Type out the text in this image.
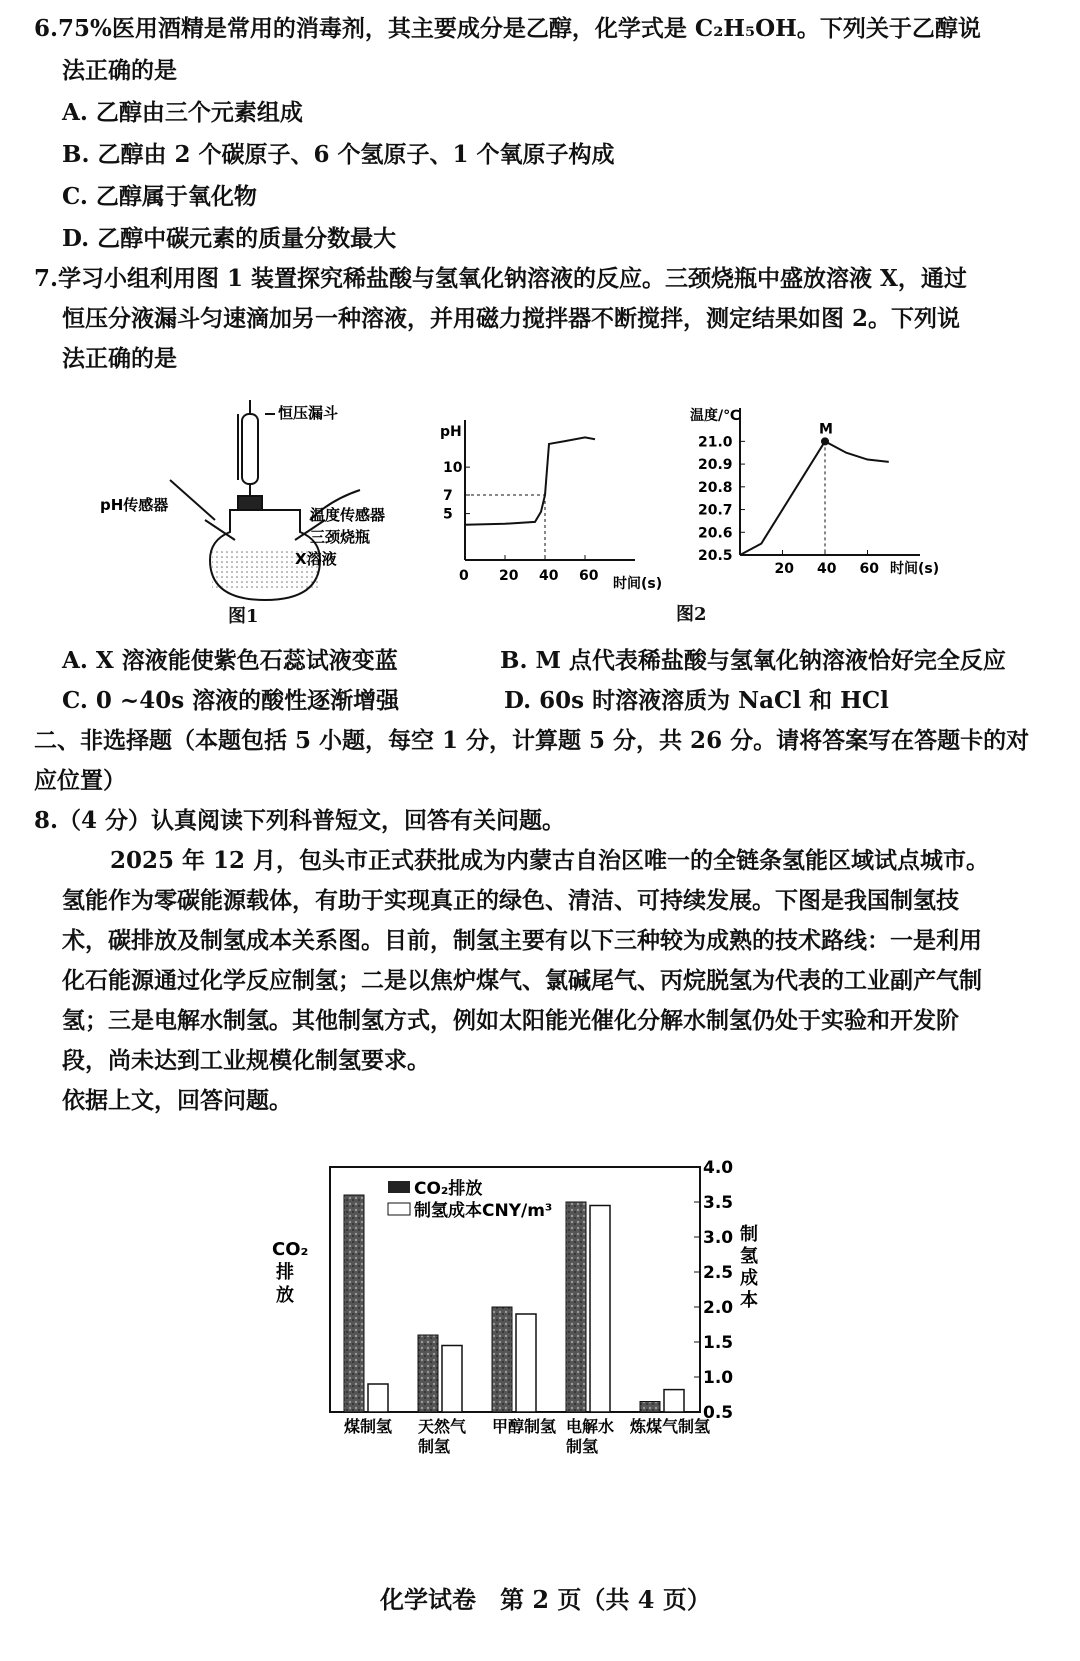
6.75%医用酒精是常用的消毒剂，其主要成分是乙醇，化学式是 C₂H₅OH。下列关于乙醇说
法正确的是
A. 乙醇由三个元素组成
B. 乙醇由 2 个碳原子、6 个氢原子、1 个氧原子构成
C. 乙醇属于氧化物
D. 乙醇中碳元素的质量分数最大
7.学习小组利用图 1 装置探究稀盐酸与氢氧化钠溶液的反应。三颈烧瓶中盛放溶液 X，通过
恒压分液漏斗匀速滴加另一种溶液，并用磁力搅拌器不断搅拌，测定结果如图 2。下列说
法正确的是
恒压漏斗
pH传感器
温度传感器
三颈烧瓶
X溶液
图1
pH
时间(s)
0 20 40 60
5
7
10
温度/℃
时间(s)
20 40 60
20.5
20.6
20.7
20.8
20.9
21.0
M
图2
A. X 溶液能使紫色石蕊试液变蓝	B. M 点代表稀盐酸与氢氧化钠溶液恰好完全反应
C. 0 ~40s 溶液的酸性逐渐增强	D. 60s 时溶液溶质为 NaCl 和 HCl
二、非选择题（本题包括 5 小题，每空 1 分，计算题 5 分，共 26 分。请将答案写在答题卡的对
应位置）
8.（4 分）认真阅读下列科普短文，回答有关问题。
2025 年 12 月，包头市正式获批成为内蒙古自治区唯一的全链条氢能区域试点城市。
氢能作为零碳能源载体，有助于实现真正的绿色、清洁、可持续发展。下图是我国制氢技
术，碳排放及制氢成本关系图。目前，制氢主要有以下三种较为成熟的技术路线：一是利用
化石能源通过化学反应制氢；二是以焦炉煤气、氯碱尾气、丙烷脱氢为代表的工业副产气制
氢；三是电解水制氢。其他制氢方式，例如太阳能光催化分解水制氢仍处于实验和开发阶
段，尚未达到工业规模化制氢要求。
依据上文，回答问题。
0.5
1.0
1.5
2.0
2.5
3.0
3.5
4.0
煤制氢 天然气
制氢
甲醇制氢 电解水
制氢
炼煤气制氢
CO₂排放
制氢成本CNY/m³
CO₂
排
放
制
氢
成
本
化学试卷　第 2 页（共 4 页）
